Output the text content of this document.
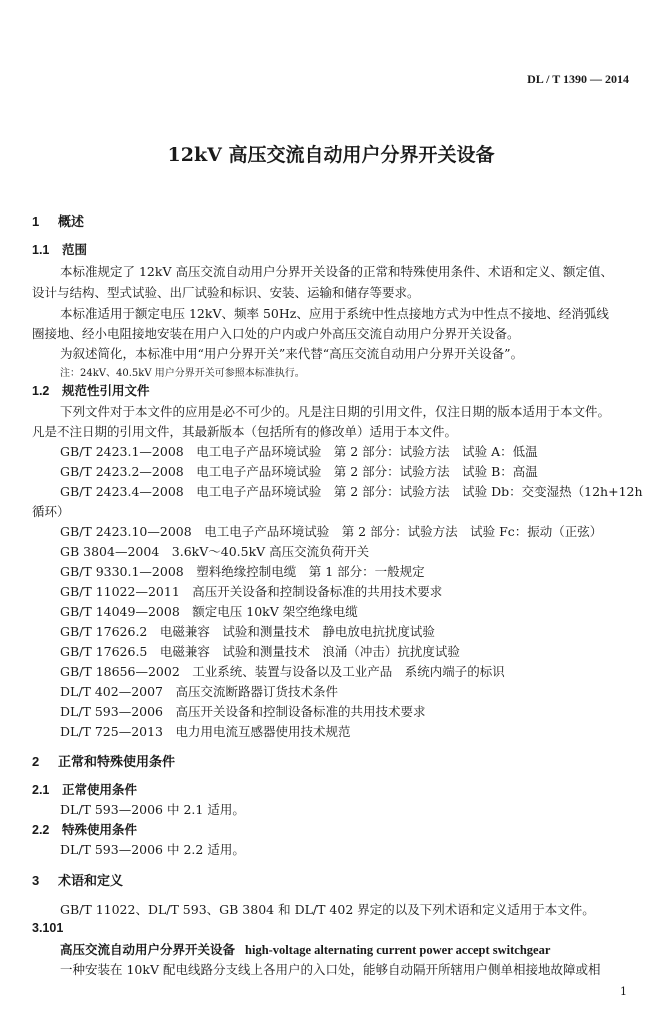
DL / T 1390 — 2014
12kV 高压交流自动用户分界开关设备
1 概述
1.1 范围
本标准规定了 12kV 高压交流自动用户分界开关设备的正常和特殊使用条件、术语和定义、额定值、
设计与结构、型式试验、出厂试验和标识、安装、运输和储存等要求。
本标准适用于额定电压 12kV、频率 50Hz、应用于系统中性点接地方式为中性点不接地、经消弧线
圈接地、经小电阻接地安装在用户入口处的户内或户外高压交流自动用户分界开关设备。
为叙述简化，本标准中用“用户分界开关”来代替“高压交流自动用户分界开关设备”。
注：24kV、40.5kV 用户分界开关可参照本标准执行。
1.2 规范性引用文件
下列文件对于本文件的应用是必不可少的。凡是注日期的引用文件，仅注日期的版本适用于本文件。
凡是不注日期的引用文件，其最新版本（包括所有的修改单）适用于本文件。
GB/T 2423.1—2008　电工电子产品环境试验　第 2 部分：试验方法　试验 A：低温
GB/T 2423.2—2008　电工电子产品环境试验　第 2 部分：试验方法　试验 B：高温
GB/T 2423.4—2008　电工电子产品环境试验　第 2 部分：试验方法　试验 Db：交变湿热（12h+12h
循环）
GB/T 2423.10—2008　电工电子产品环境试验　第 2 部分：试验方法　试验 Fc：振动（正弦）
GB 3804—2004　3.6kV～40.5kV 高压交流负荷开关
GB/T 9330.1—2008　塑料绝缘控制电缆　第 1 部分：一般规定
GB/T 11022—2011　高压开关设备和控制设备标准的共用技术要求
GB/T 14049—2008　额定电压 10kV 架空绝缘电缆
GB/T 17626.2　电磁兼容　试验和测量技术　静电放电抗扰度试验
GB/T 17626.5　电磁兼容　试验和测量技术　浪涌（冲击）抗扰度试验
GB/T 18656—2002　工业系统、装置与设备以及工业产品　系统内端子的标识
DL/T 402—2007　高压交流断路器订货技术条件
DL/T 593—2006　高压开关设备和控制设备标准的共用技术要求
DL/T 725—2013　电力用电流互感器使用技术规范
2 正常和特殊使用条件
2.1 正常使用条件
DL/T 593—2006 中 2.1 适用。
2.2 特殊使用条件
DL/T 593—2006 中 2.2 适用。
3 术语和定义
GB/T 11022、DL/T 593、GB 3804 和 DL/T 402 界定的以及下列术语和定义适用于本文件。
3.101
高压交流自动用户分界开关设备 high-voltage alternating current power accept switchgear
一种安装在 10kV 配电线路分支线上各用户的入口处，能够自动隔开所辖用户侧单相接地故障或相
1
